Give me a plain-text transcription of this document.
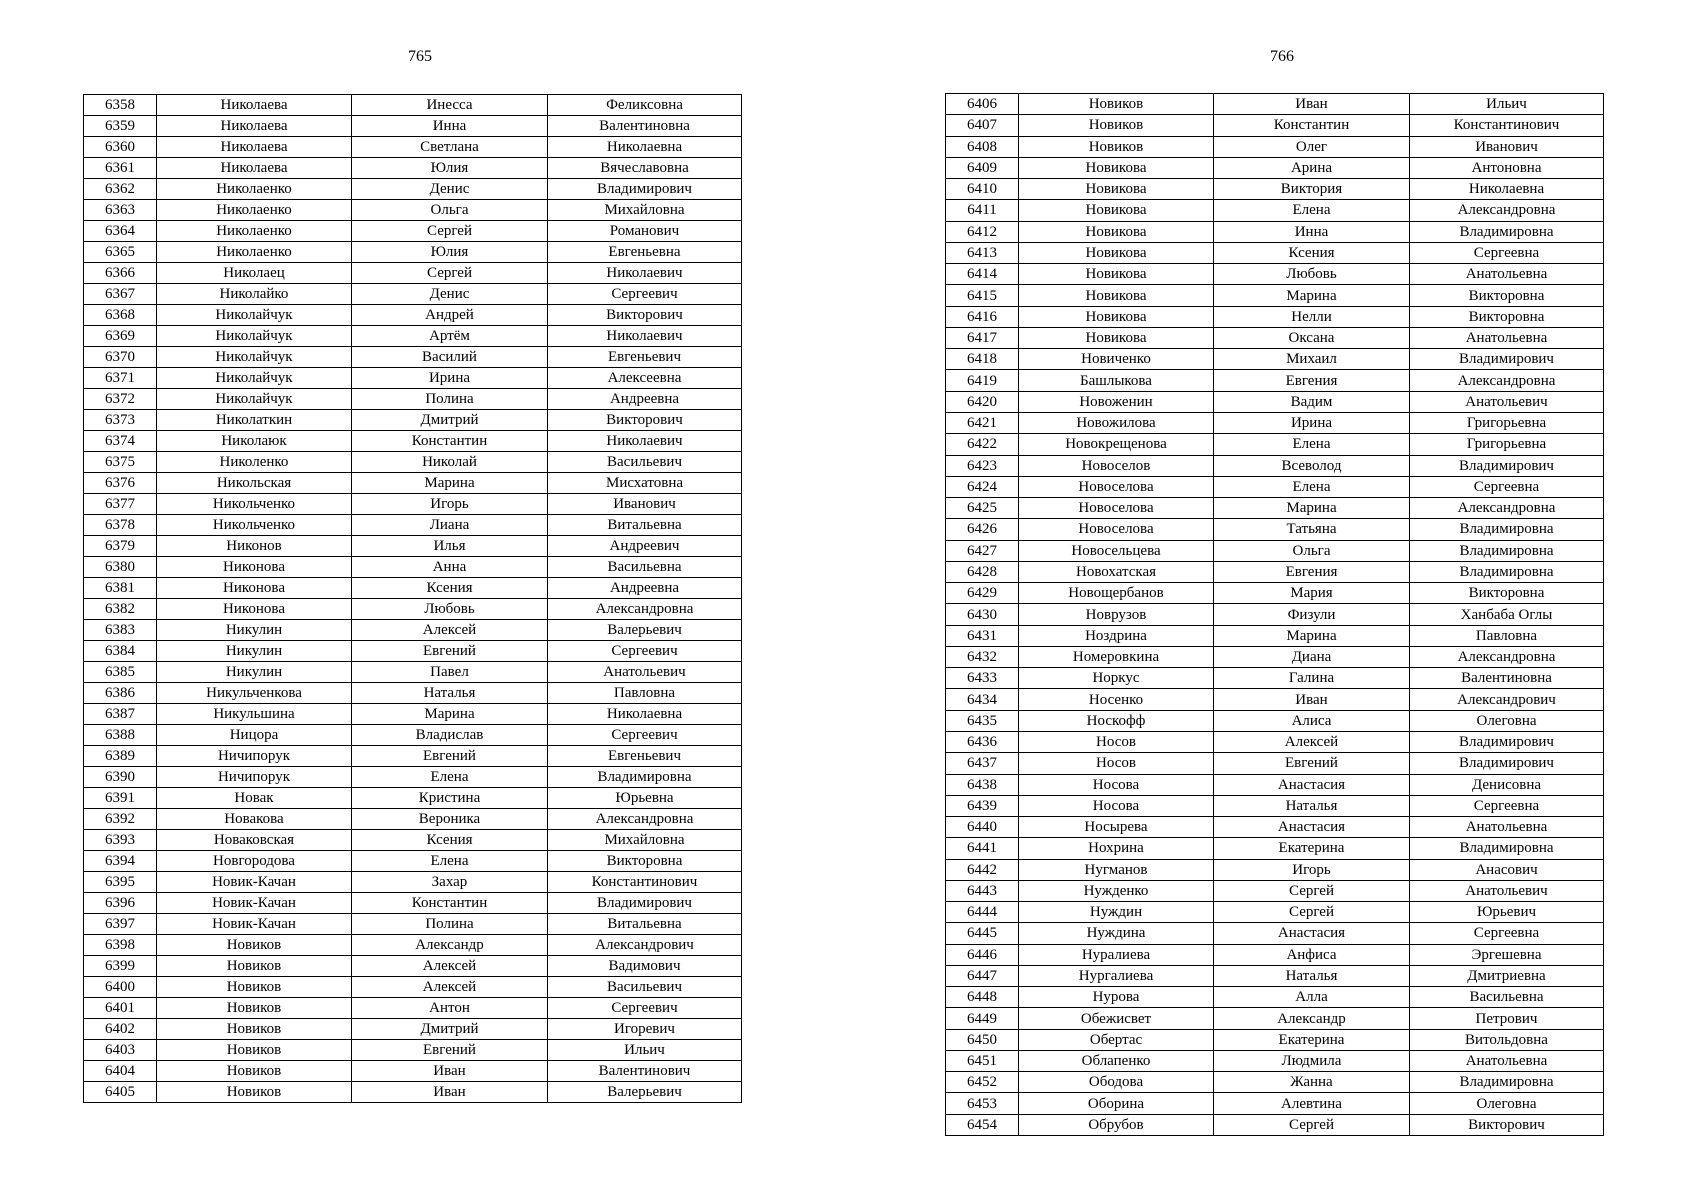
765	766
6358	Николаева	Инесса	Феликсовна
6359	Николаева	Инна	Валентиновна
6360	Николаева	Светлана	Николаевна
6361	Николаева	Юлия	Вячеславовна
6362	Николаенко	Денис	Владимирович
6363	Николаенко	Ольга	Михайловна
6364	Николаенко	Сергей	Романович
6365	Николаенко	Юлия	Евгеньевна
6366	Николаец	Сергей	Николаевич
6367	Николайко	Денис	Сергеевич
6368	Николайчук	Андрей	Викторович
6369	Николайчук	Артём	Николаевич
6370	Николайчук	Василий	Евгеньевич
6371	Николайчук	Ирина	Алексеевна
6372	Николайчук	Полина	Андреевна
6373	Николаткин	Дмитрий	Викторович
6374	Николаюк	Константин	Николаевич
6375	Николенко	Николай	Васильевич
6376	Никольская	Марина	Мисхатовна
6377	Никольченко	Игорь	Иванович
6378	Никольченко	Лиана	Витальевна
6379	Никонов	Илья	Андреевич
6380	Никонова	Анна	Васильевна
6381	Никонова	Ксения	Андреевна
6382	Никонова	Любовь	Александровна
6383	Никулин	Алексей	Валерьевич
6384	Никулин	Евгений	Сергеевич
6385	Никулин	Павел	Анатольевич
6386	Никульченкова	Наталья	Павловна
6387	Никульшина	Марина	Николаевна
6388	Ницора	Владислав	Сергеевич
6389	Ничипорук	Евгений	Евгеньевич
6390	Ничипорук	Елена	Владимировна
6391	Новак	Кристина	Юрьевна
6392	Новакова	Вероника	Александровна
6393	Новаковская	Ксения	Михайловна
6394	Новгородова	Елена	Викторовна
6395	Новик-Качан	Захар	Константинович
6396	Новик-Качан	Константин	Владимирович
6397	Новик-Качан	Полина	Витальевна
6398	Новиков	Александр	Александрович
6399	Новиков	Алексей	Вадимович
6400	Новиков	Алексей	Васильевич
6401	Новиков	Антон	Сергеевич
6402	Новиков	Дмитрий	Игоревич
6403	Новиков	Евгений	Ильич
6404	Новиков	Иван	Валентинович
6405	Новиков	Иван	Валерьевич
6406	Новиков	Иван	Ильич
6407	Новиков	Константин	Константинович
6408	Новиков	Олег	Иванович
6409	Новикова	Арина	Антоновна
6410	Новикова	Виктория	Николаевна
6411	Новикова	Елена	Александровна
6412	Новикова	Инна	Владимировна
6413	Новикова	Ксения	Сергеевна
6414	Новикова	Любовь	Анатольевна
6415	Новикова	Марина	Викторовна
6416	Новикова	Нелли	Викторовна
6417	Новикова	Оксана	Анатольевна
6418	Новиченко	Михаил	Владимирович
6419	Башлыкова	Евгения	Александровна
6420	Новоженин	Вадим	Анатольевич
6421	Новожилова	Ирина	Григорьевна
6422	Новокрещенова	Елена	Григорьевна
6423	Новоселов	Всеволод	Владимирович
6424	Новоселова	Елена	Сергеевна
6425	Новоселова	Марина	Александровна
6426	Новоселова	Татьяна	Владимировна
6427	Новосельцева	Ольга	Владимировна
6428	Новохатская	Евгения	Владимировна
6429	Новощербанов	Мария	Викторовна
6430	Новрузов	Физули	Ханбаба Оглы
6431	Ноздрина	Марина	Павловна
6432	Номеровкина	Диана	Александровна
6433	Норкус	Галина	Валентиновна
6434	Носенко	Иван	Александрович
6435	Носкофф	Алиса	Олеговна
6436	Носов	Алексей	Владимирович
6437	Носов	Евгений	Владимирович
6438	Носова	Анастасия	Денисовна
6439	Носова	Наталья	Сергеевна
6440	Носырева	Анастасия	Анатольевна
6441	Нохрина	Екатерина	Владимировна
6442	Нугманов	Игорь	Анасович
6443	Нужденко	Сергей	Анатольевич
6444	Нуждин	Сергей	Юрьевич
6445	Нуждина	Анастасия	Сергеевна
6446	Нуралиева	Анфиса	Эргешевна
6447	Нургалиева	Наталья	Дмитриевна
6448	Нурова	Алла	Васильевна
6449	Обежисвет	Александр	Петрович
6450	Обертас	Екатерина	Витольдовна
6451	Облапенко	Людмила	Анатольевна
6452	Ободова	Жанна	Владимировна
6453	Оборина	Алевтина	Олеговна
6454	Обрубов	Сергей	Викторович
